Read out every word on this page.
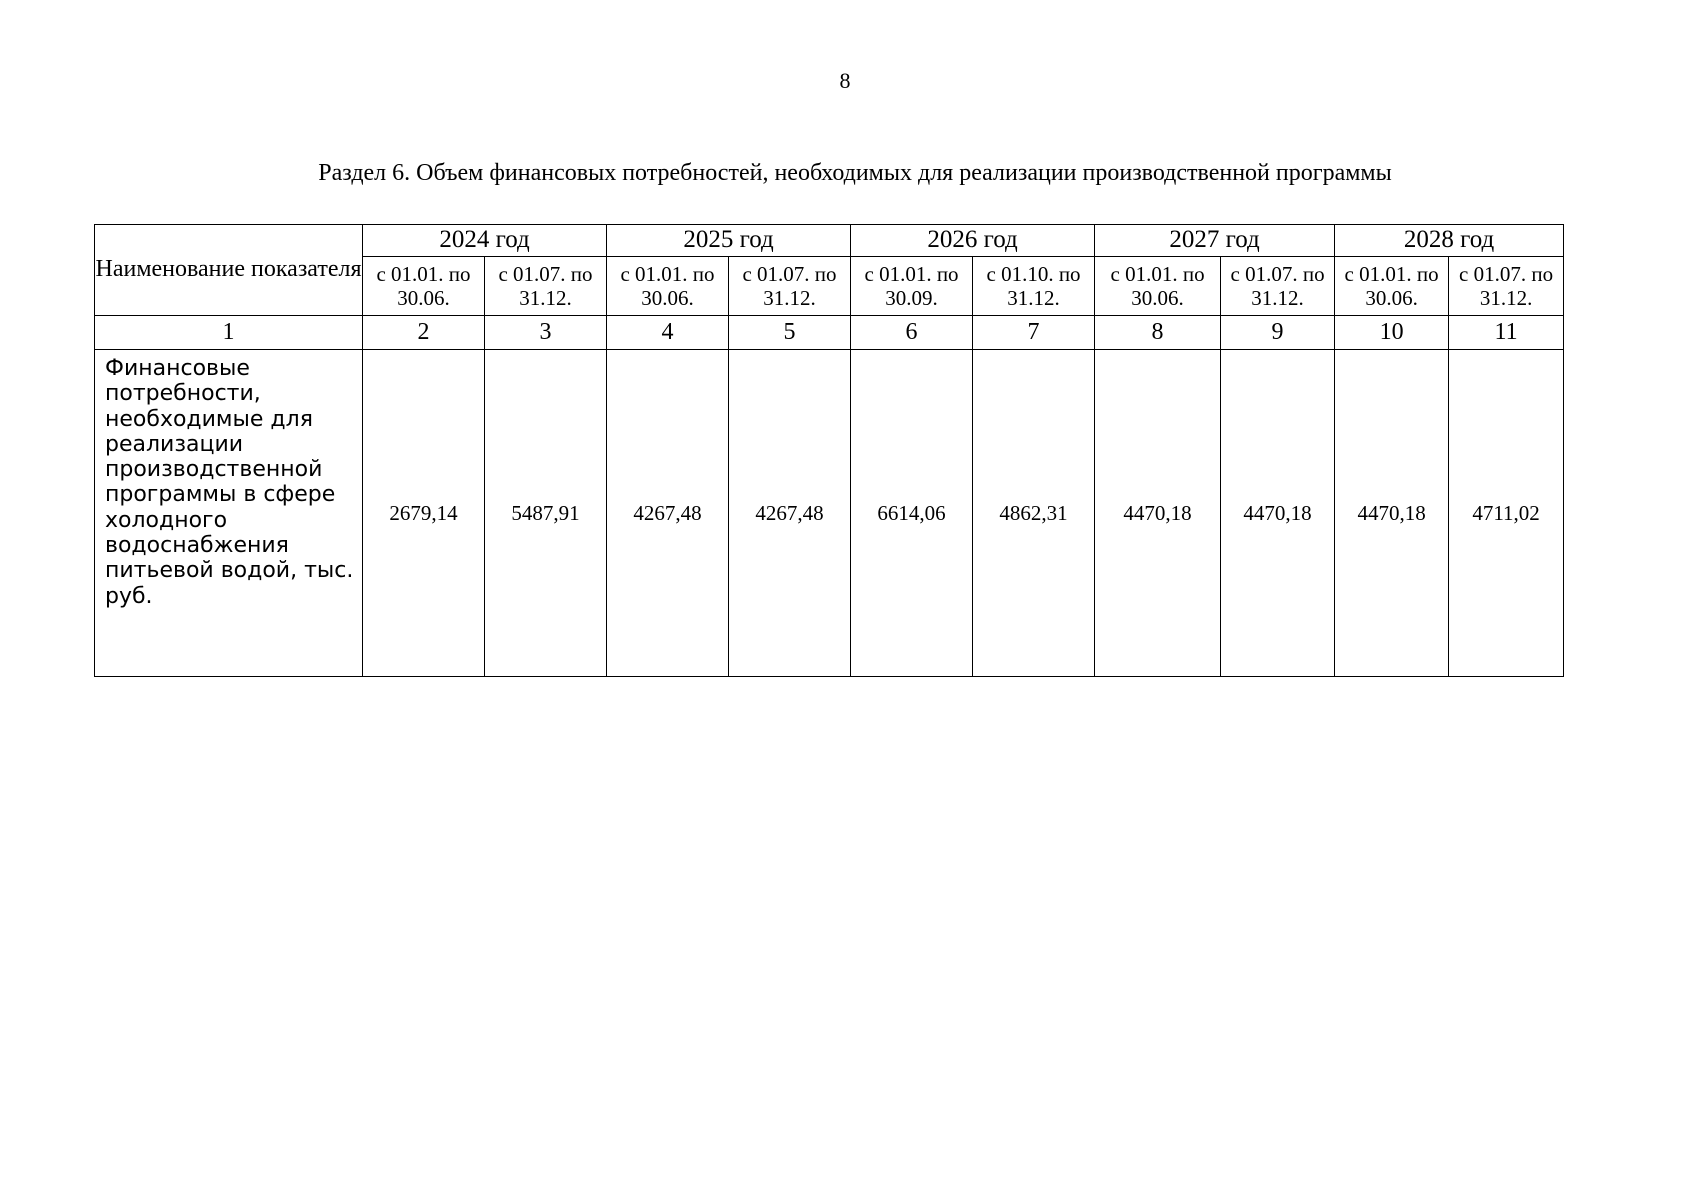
8
Раздел 6. Объем финансовых потребностей, необходимых для реализации производственной программы
Наименование показателя	2024 год		2025 год		2026 год		2027 год		2028 год	
	с 01.01. по 30.06.	с 01.07. по 31.12.	с 01.01. по 30.06.	с 01.07. по 31.12.	с 01.01. по 30.09.	с 01.10. по 31.12.	с 01.01. по 30.06.	с 01.07. по 31.12.	с 01.01. по 30.06.	с 01.07. по 31.12.
1	2	3	4	5	6	7	8	9	10	11
Финансовые потребности, необходимые для реализации производственной программы в сфере холодного водоснабжения питьевой водой, тыс. руб.	2679,14	5487,91	4267,48	4267,48	6614,06	4862,31	4470,18	4470,18	4470,18	4711,02
